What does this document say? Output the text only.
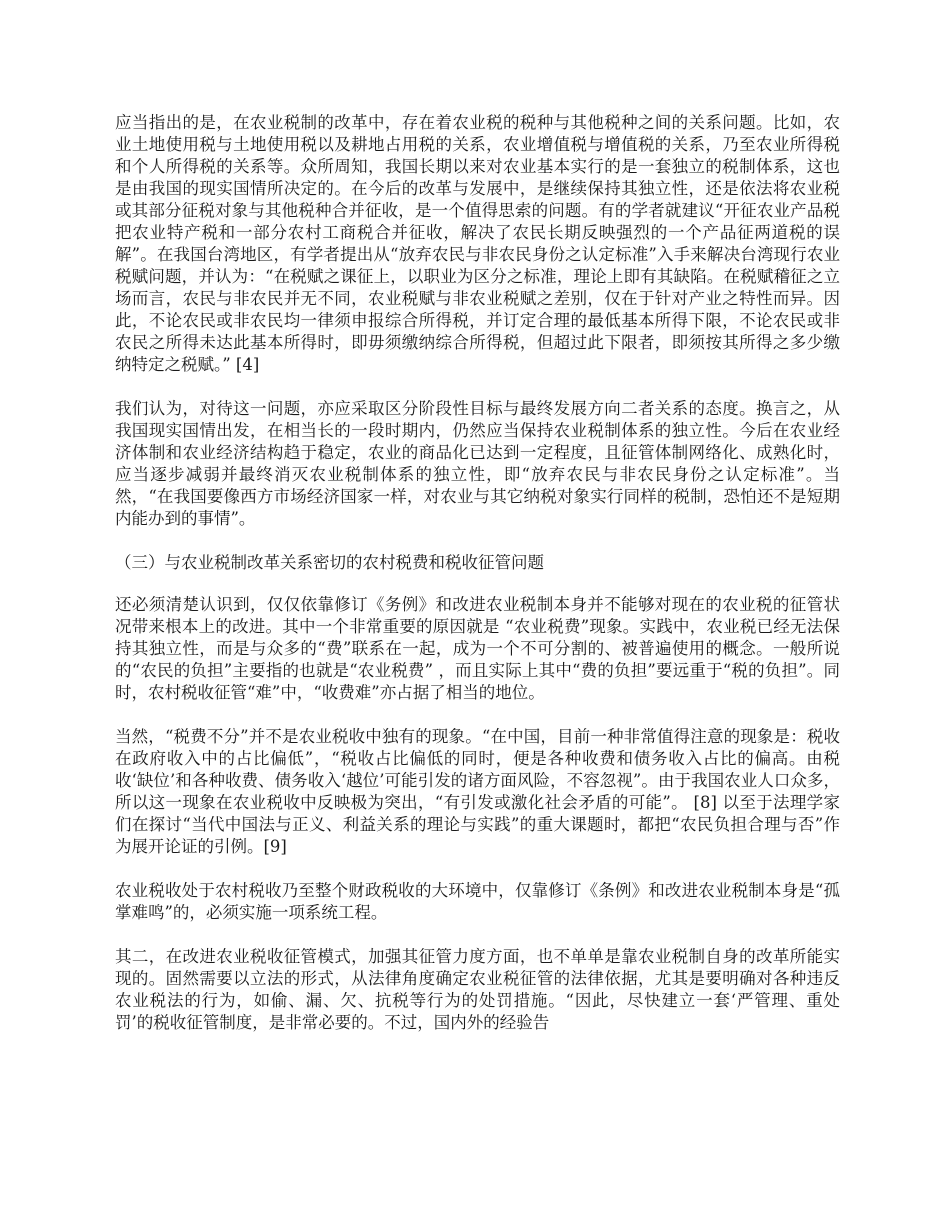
应当指出的是，在农业税制的改革中，存在着农业税的税种与其他税种之间的关系问题。比如，农业土地使用税与土地使用税以及耕地占用税的关系，农业增值税与增值税的关系，乃至农业所得税和个人所得税的关系等。众所周知，我国长期以来对农业基本实行的是一套独立的税制体系，这也是由我国的现实国情所决定的。在今后的改革与发展中，是继续保持其独立性，还是依法将农业税或其部分征税对象与其他税种合并征收，是一个值得思索的问题。有的学者就建议“开征农业产品税把农业特产税和一部分农村工商税合并征收，解决了农民长期反映强烈的一个产品征两道税的误解”。在我国台湾地区，有学者提出从“放弃农民与非农民身份之认定标准”入手来解决台湾现行农业税赋问题，并认为：“在税赋之课征上，以职业为区分之标准，理论上即有其缺陷。在税赋稽征之立场而言，农民与非农民并无不同，农业税赋与非农业税赋之差别，仅在于针对产业之特性而异。因此，不论农民或非农民均一律须申报综合所得税，并订定合理的最低基本所得下限，不论农民或非农民之所得未达此基本所得时，即毋须缴纳综合所得税，但超过此下限者，即须按其所得之多少缴纳特定之税赋。” [4]

我们认为，对待这一问题，亦应采取区分阶段性目标与最终发展方向二者关系的态度。换言之，从我国现实国情出发，在相当长的一段时期内，仍然应当保持农业税制体系的独立性。今后在农业经济体制和农业经济结构趋于稳定，农业的商品化已达到一定程度，且征管体制网络化、成熟化时，应当逐步减弱并最终消灭农业税制体系的独立性，即“放弃农民与非农民身份之认定标准”。当然，“在我国要像西方市场经济国家一样，对农业与其它纳税对象实行同样的税制，恐怕还不是短期内能办到的事情”。

（三）与农业税制改革关系密切的农村税费和税收征管问题

还必须清楚认识到，仅仅依靠修订《务例》和改进农业税制本身并不能够对现在的农业税的征管状况带来根本上的改进。其中一个非常重要的原因就是 “农业税费”现象。实践中，农业税已经无法保持其独立性，而是与众多的“费”联系在一起，成为一个不可分割的、被普遍使用的概念。一般所说的“农民的负担”主要指的也就是“农业税费” ，而且实际上其中“费的负担”要远重于“税的负担”。同时，农村税收征管“难”中，“收费难”亦占据了相当的地位。

当然，“税费不分”并不是农业税收中独有的现象。“在中国，目前一种非常值得注意的现象是：税收在政府收入中的占比偏低”，“税收占比偏低的同时，便是各种收费和债务收入占比的偏高。由税收‘缺位’和各种收费、债务收入‘越位’可能引发的诸方面风险，不容忽视”。由于我国农业人口众多，所以这一现象在农业税收中反映极为突出，“有引发或激化社会矛盾的可能”。 [8] 以至于法理学家们在探讨“当代中国法与正义、利益关系的理论与实践”的重大课题时，都把“农民负担合理与否”作为展开论证的引例。[9]

农业税收处于农村税收乃至整个财政税收的大环境中，仅靠修订《条例》和改进农业税制本身是“孤掌难鸣”的，必须实施一项系统工程。

其二，在改进农业税收征管模式，加强其征管力度方面，也不单单是靠农业税制自身的改革所能实现的。固然需要以立法的形式，从法律角度确定农业税征管的法律依据，尤其是要明确对各种违反农业税法的行为，如偷、漏、欠、抗税等行为的处罚措施。“因此，尽快建立一套‘严管理、重处罚’的税收征管制度，是非常必要的。不过，国内外的经验告
